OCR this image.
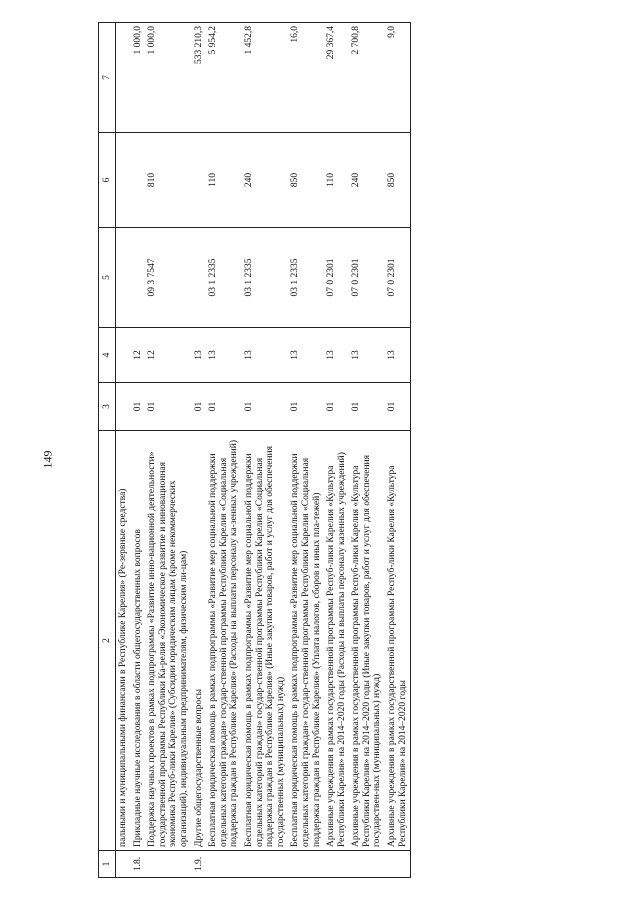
149
1	2	3	4	5	6	7
	пальными и муниципальными финансами в Республике Карелия» (Ре-зервные средства)					
1.8.	Прикладные научные исследования в области общегосударственных вопросов	01	12			1 000,0
	Поддержка научных проектов в рамках подпрограммы «Развитие инно-вационной деятельности» государственной программы Республики Ка-релия «Экономическое развитие и инновационная экономика Респуб-лики Карелия» (Субсидии юридическим лицам (кроме некоммерческих организаций), индивидуальным предпринимателям, физическим ли-цам)	01	12	09 3 7547	810	1 000,0
1.9.	Другие общегосударственные вопросы	01	13			533 210,3
	Бесплатная юридическая помощь в рамках подпрограммы «Развитие мер социальной поддержки отдельных категорий граждан» государ-ственной программы Республики Карелия «Социальная поддержка граждан в Республике Карелия» (Расходы на выплаты персоналу ка-зенных учреждений)	01	13	03 1 2335	110	5 954,2
	Бесплатная юридическая помощь в рамках подпрограммы «Развитие мер социальной поддержки отдельных категорий граждан» государ-ственной программы Республики Карелия «Социальная поддержка граждан в Республике Карелия» (Иные закупки товаров, работ и услуг для обеспечения государственных (муниципальных) нужд)	01	13	03 1 2335	240	1 452,8
	Бесплатная юридическая помощь в рамках подпрограммы «Развитие мер социальной поддержки отдельных категорий граждан» государ-ственной программы Республики Карелия «Социальная поддержка граждан в Республике Карелия» (Уплата налогов, сборов и иных пла-тежей)	01	13	03 1 2335	850	16,0
	Архивные учреждения в рамках государственной программы Респуб-лики Карелия «Культура Республики Карелия» на 2014–2020 годы (Расходы на выплаты персоналу казенных учреждений)	01	13	07 0 2301	110	29 367,4
	Архивные учреждения в рамках государственной программы Респуб-лики Карелия «Культура Республики Карелия» на 2014–2020 годы (Иные закупки товаров, работ и услуг для обеспечения государствен-ных (муниципальных) нужд)	01	13	07 0 2301	240	2 700,8
	Архивные учреждения в рамках государственной программы Респуб-лики Карелия «Культура Республики Карелия» на 2014–2020 годы	01	13	07 0 2301	850	9,0
